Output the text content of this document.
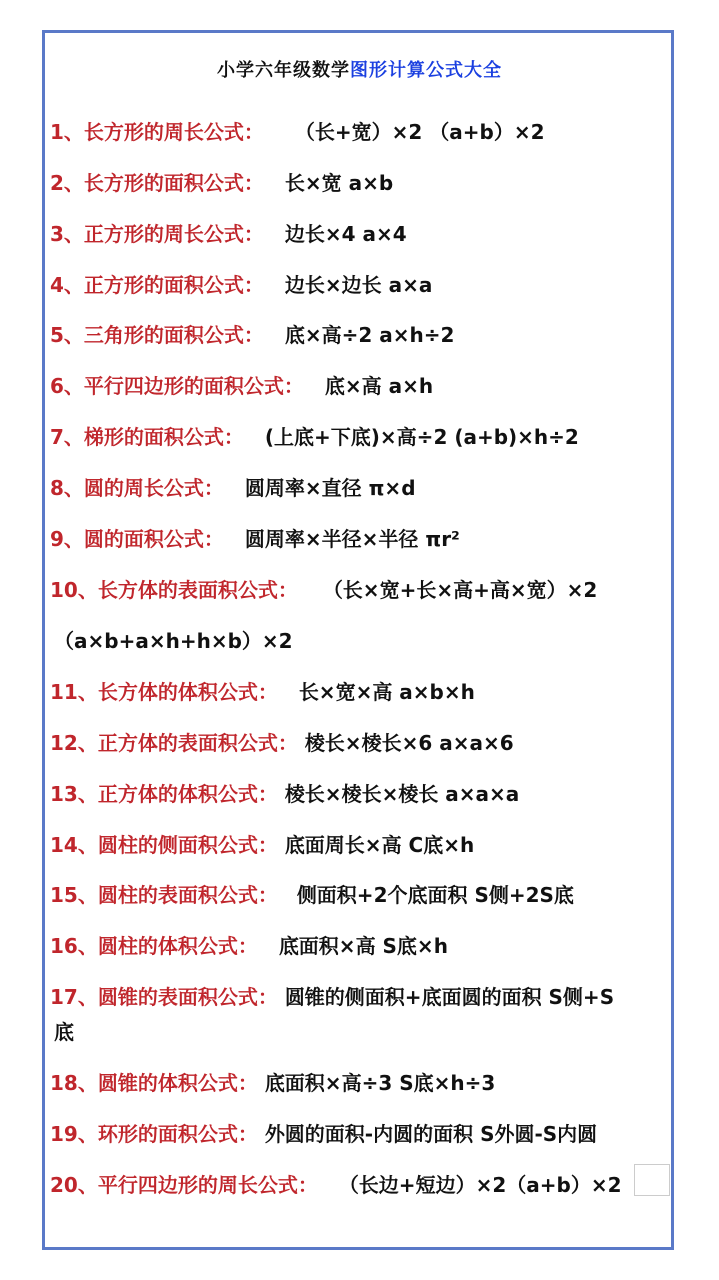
小学六年级数学图形计算公式大全
1、长方形的周长公式： （长+宽）×2 （a+b）×2
2、长方形的面积公式： 长×宽 a×b
3、正方形的周长公式： 边长×4 a×4
4、正方形的面积公式： 边长×边长 a×a
5、三角形的面积公式： 底×高÷2 a×h÷2
6、平行四边形的面积公式： 底×高 a×h
7、梯形的面积公式： (上底+下底)×高÷2 (a+b)×h÷2
8、圆的周长公式： 圆周率×直径 π×d
9、圆的面积公式： 圆周率×半径×半径 πr²
10、长方体的表面积公式： （长×宽+长×高+高×宽）×2
（a×b+a×h+h×b）×2
11、长方体的体积公式： 长×宽×高 a×b×h
12、正方体的表面积公式： 棱长×棱长×6 a×a×6
13、正方体的体积公式： 棱长×棱长×棱长 a×a×a
14、圆柱的侧面积公式： 底面周长×高 C底×h
15、圆柱的表面积公式： 侧面积+2个底面积 S侧+2S底
16、圆柱的体积公式： 底面积×高 S底×h
17、圆锥的表面积公式： 圆锥的侧面积+底面圆的面积 S侧+S
底
18、圆锥的体积公式： 底面积×高÷3 S底×h÷3
19、环形的面积公式： 外圆的面积-内圆的面积 S外圆-S内圆
20、平行四边形的周长公式： （长边+短边）×2（a+b）×2
